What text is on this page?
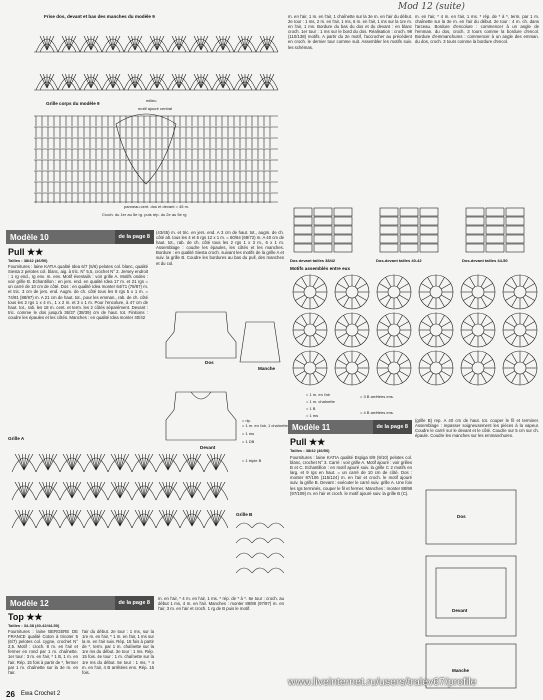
Frise dos, devant et bas des manches du modèle 9
milieu
motif ajouré central
Grille corps du modèle 9
panneau cent. dos et devant = 45 m.
Croch. du 1er au 5e rg. puis rép. du 2e au 5e rg
Mod 12 (suite)
m. en l'air, 1 m. en l'air, 1 chaînette sur la 3e m. en l'air du début. 2e tour : 1 ms, 2 m. en l'air, 1 ms, 6 m. en l'air, 1 ms sur la 1re m. en l'air, 1 ms. Bordure du bas du dos et du devant : en blanc croch. 1er tour : 1 ms sur le bord du dos. Réalisation : croch. 98 (110/138) motifs. A partir du 2e motif, l'accrocher au précédent en croch. le dernier tour comme suit. Assembler les motifs suiv. les schémas.
m. en l'air, * 4 m. en l'air, 1 ms. * rép. de * à *, term. par 1 m. chaînette sur la 3e m. en l'air du début. 2e tour : 4 m. ch. dans l'arceau. Bordure d'encolure : commencer à un angle de l'emman. du dos, croch. 3 tours comme la bordure d'encol. Bordure d'emmanchures : commencer à un angle des emman. du dos, croch. 3 tours comme la bordure d'encol.
Dos devant tailles 38/42	Dos-devant tailles 40-42	Dos-devant tailles 44-50
Motifs assemblés entre eux
= 1 m. en l'air
= 1 m. chaînette
= 1 B
= 1 ms
= 3 B arrêtées ens.
= 4 B arrêtées ens.
Modèle 10	de la page 8
Pull ★★
Tailles : 38/42 (46/50)
Fournitures : laine KATIA qualité Idea 6/7 (5/6) pelotes col. blanc, qualité Siesta 2 pelotes col. blanc, aig. à tric. N° 5,5, crochet N° 2. Jersey endroit : 1 rg end., rg env. m. env. Motif éventails : voir grille A. Motifs ondes : voir grille B. Echantillon : en jers. end. en qualité Idea 17 m. et 21 rgs = un carré de 10 cm de côté. Dos : en qualité Idea monter 64/71 (78/87) m. et tric. 3 cm de jers. end. Augm. de ch. côté tous les 8 rgs 5 x 1 m. = 74/81 (88/97) m. A 21 cm de haut. tot., pour les emman., rab. de ch. côté tous les 2 rgs 1 x 4 m., 1 x 2 m. et 3 x 1 m. Pour l'encolure, à 47 cm de haut. tot., rab. les 18 m. cent. et term. les 2 côtés séparément. Devant : tric. comme le dos jusqu'à 36/37 (38/39) cm de haut. tot. Finitions : coudre les épaules et les côtés. Manches : en qualité Idea monter 40/42
(43/45) m. et tric. en jers. end. A 3 cm de haut. tot., augm. de ch. côté alt. tous les 4 et 6 rgs 12 x 1 m. = 60/64 (68/72) m. A 40 cm de haut. tot., rab. de ch. côté tous les 2 rgs 1 x 3 m., 6 x 1 m. Assemblage : coudre les épaules, les côtés et les manches. Bordure : en qualité Siesta croch. suivant les motifs de la grille A et suiv. la grille B. Coudre les bordures au bas du pull, des manches et du col.
Dos
Manche
Devant
= rlp.
= 1 m. en l'air, 1 chaînette
= 1 ms
= 1 DB
= 1 triple B
Grille A
Grille B
Modèle 11	de la page 8
Pull ★★
Tailles : 38/42 (46/50)
Fournitures : laine KATIA qualité Espiga 8/9 (9/10) pelotes col. blanc, crochet N° 3. Carré : voir grille A. Motif ajouré : voir grilles B et C. Echantillon : en motif ajouré suiv. la grille C 2 motifs en larg. et 9 rgs en haut. = un carré de 10 cm de côté. Dos : monter 97/106 (115/124) m. en l'air et croch. le motif ajouré suiv. la grille B. Devant : exécuter le carré suiv. grille A. Une fois les rgs terminés, couper le fil et fermer. Manches : monter 88/98 (97/109) m. en l'air et croch. le motif ajouré suiv. la grille B (C).
(grille B) rep. A 40 cm de haut. tot. couper le fil et terminer. Assemblage : repasser soigneusement les pièces à la vapeur. Coudre le carré sur le devant et le côté. Coudre sur 5 cm sur ch. épaule. Coudre les manches sur les emmanchures.
Dos
Devant
Manche
Modèle 12	de la page 8
Top ★★
Tailles : 34-38 (40-42/44-50)
Fournitures : laine BERGERE DE FRANCE qualité Coton à tricoter 5 (6/7) pelotes col. cygne, crochet N° 2,5. Motif : croch. 8 m. en l'air et fermer en rond par 1 m. chaînette. 1er tour : 3 m. en l'air, * 1 B, 1 m. en l'air. Rép. 15 fois à partir de *, fermer par 1 m. chaînette sur la 3e m. en l'air.
l'air du début. 2e tour : 1 ms, sur la 1re m. en l'air, * 1 m. en l'air, 1 ms sur la m. en l'air suiv. Rép. 15 fois à partir de *, term. par 1 m. chaînette sur la 1re ms du début. 3e tour : 1 ms. Rép. 15 fois. 4e tour : 1 m. chaînette sur la 1re ms du début. 5e tour : 1 ms, * 4 m. en l'air, 4 B arrêtées ens. Rép. 15 fois.
m. en l'air, * 4 m. en l'air, 1 ms. * rép. de * à *. 6e tour : croch. au début 1 ms, 4 m. en l'air. Manches : monter 88/88 (97/97) m. en l'air, 3 m. en l'air et croch. 1 rg de B puis le motif.
26 Ewa Crochet 2
www.liveinternet.ru/users/tralev67/profile
